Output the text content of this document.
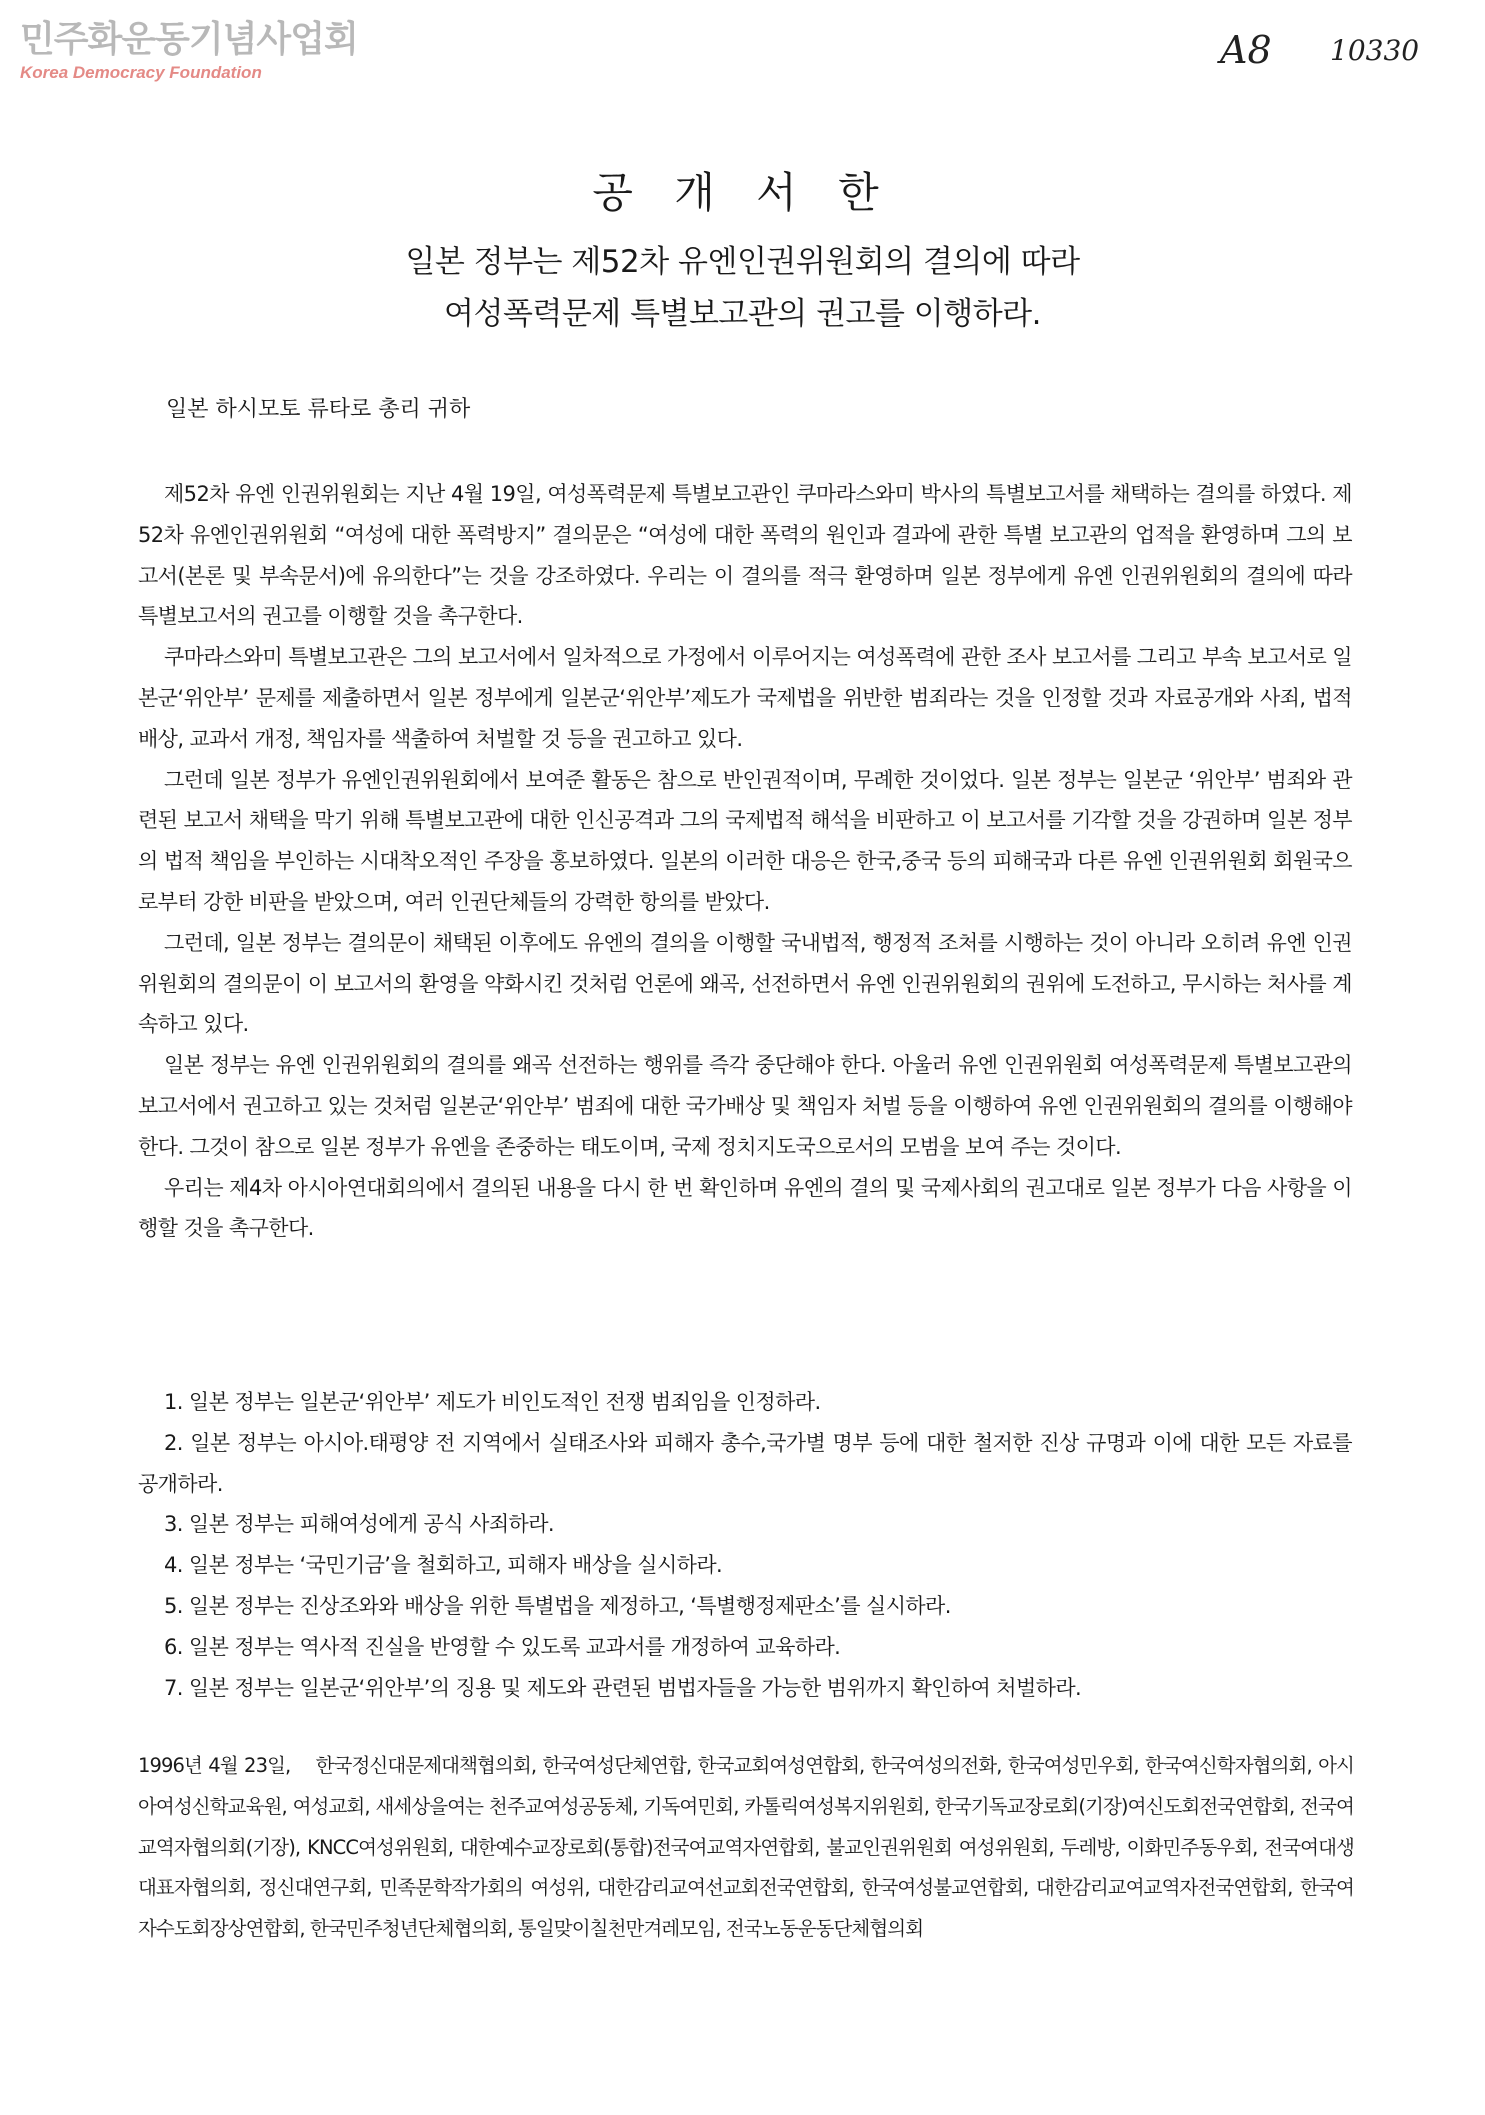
민주화운동기념사업회
Korea Democracy Foundation
A8 10330
공 개 서 한
일본 정부는 제52차 유엔인권위원회의 결의에 따라
여성폭력문제 특별보고관의 권고를 이행하라.
일본 하시모토 류타로 총리 귀하

제52차 유엔 인권위원회는 지난 4월 19일, 여성폭력문제 특별보고관인 쿠마라스와미 박사의 특별보고서를 채택하는 결의를 하였다. 제52차 유엔인권위원회 “여성에 대한 폭력방지” 결의문은 “여성에 대한 폭력의 원인과 결과에 관한 특별 보고관의 업적을 환영하며 그의 보고서(본론 및 부속문서)에 유의한다”는 것을 강조하였다. 우리는 이 결의를 적극 환영하며 일본 정부에게 유엔 인권위원회의 결의에 따라 특별보고서의 권고를 이행할 것을 촉구한다.

쿠마라스와미 특별보고관은 그의 보고서에서 일차적으로 가정에서 이루어지는 여성폭력에 관한 조사 보고서를 그리고 부속 보고서로 일본군‘위안부’ 문제를 제출하면서 일본 정부에게 일본군‘위안부’제도가 국제법을 위반한 범죄라는 것을 인정할 것과 자료공개와 사죄, 법적 배상, 교과서 개정, 책임자를 색출하여 처벌할 것 등을 권고하고 있다.

그런데 일본 정부가 유엔인권위원회에서 보여준 활동은 참으로 반인권적이며, 무례한 것이었다. 일본 정부는 일본군 ‘위안부’ 범죄와 관련된 보고서 채택을 막기 위해 특별보고관에 대한 인신공격과 그의 국제법적 해석을 비판하고 이 보고서를 기각할 것을 강권하며 일본 정부의 법적 책임을 부인하는 시대착오적인 주장을 홍보하였다. 일본의 이러한 대응은 한국,중국 등의 피해국과 다른 유엔 인권위원회 회원국으로부터 강한 비판을 받았으며, 여러 인권단체들의 강력한 항의를 받았다.

그런데, 일본 정부는 결의문이 채택된 이후에도 유엔의 결의을 이행할 국내법적, 행정적 조처를 시행하는 것이 아니라 오히려 유엔 인권위원회의 결의문이 이 보고서의 환영을 약화시킨 것처럼 언론에 왜곡, 선전하면서 유엔 인권위원회의 권위에 도전하고, 무시하는 처사를 계속하고 있다.

일본 정부는 유엔 인권위원회의 결의를 왜곡 선전하는 행위를 즉각 중단해야 한다. 아울러 유엔 인권위원회 여성폭력문제 특별보고관의 보고서에서 권고하고 있는 것처럼 일본군‘위안부’ 범죄에 대한 국가배상 및 책임자 처벌 등을 이행하여 유엔 인권위원회의 결의를 이행해야 한다. 그것이 참으로 일본 정부가 유엔을 존중하는 태도이며, 국제 정치지도국으로서의 모범을 보여 주는 것이다.

우리는 제4차 아시아연대회의에서 결의된 내용을 다시 한 번 확인하며 유엔의 결의 및 국제사회의 권고대로 일본 정부가 다음 사항을 이행할 것을 촉구한다.

1. 일본 정부는 일본군‘위안부’ 제도가 비인도적인 전쟁 범죄임을 인정하라.
2. 일본 정부는 아시아.태평양 전 지역에서 실태조사와 피해자 총수,국가별 명부 등에 대한 철저한 진상 규명과 이에 대한 모든 자료를 공개하라.
3. 일본 정부는 피해여성에게 공식 사죄하라.
4. 일본 정부는 ‘국민기금’을 철회하고, 피해자 배상을 실시하라.
5. 일본 정부는 진상조와와 배상을 위한 특별법을 제정하고, ‘특별행정제판소’를 실시하라.
6. 일본 정부는 역사적 진실을 반영할 수 있도록 교과서를 개정하여 교육하라.
7. 일본 정부는 일본군‘위안부’의 징용 및 제도와 관련된 범법자들을 가능한 범위까지 확인하여 처벌하라.
1996년 4월 23일,    한국정신대문제대책협의회, 한국여성단체연합, 한국교회여성연합회, 한국여성의전화, 한국여성민우회, 한국여신학자협의회, 아시아여성신학교육원, 여성교회, 새세상을여는 천주교여성공동체, 기독여민회, 카톨릭여성복지위원회, 한국기독교장로회(기장)여신도회전국연합회, 전국여교역자협의회(기장), KNCC여성위원회, 대한예수교장로회(통합)전국여교역자연합회, 불교인권위원회 여성위원회, 두레방, 이화민주동우회, 전국여대생대표자협의회, 정신대연구회, 민족문학작가회의 여성위, 대한감리교여선교회전국연합회, 한국여성불교연합회, 대한감리교여교역자전국연합회, 한국여자수도회장상연합회, 한국민주청년단체협의회, 통일맞이칠천만겨레모임, 전국노동운동단체협의회
